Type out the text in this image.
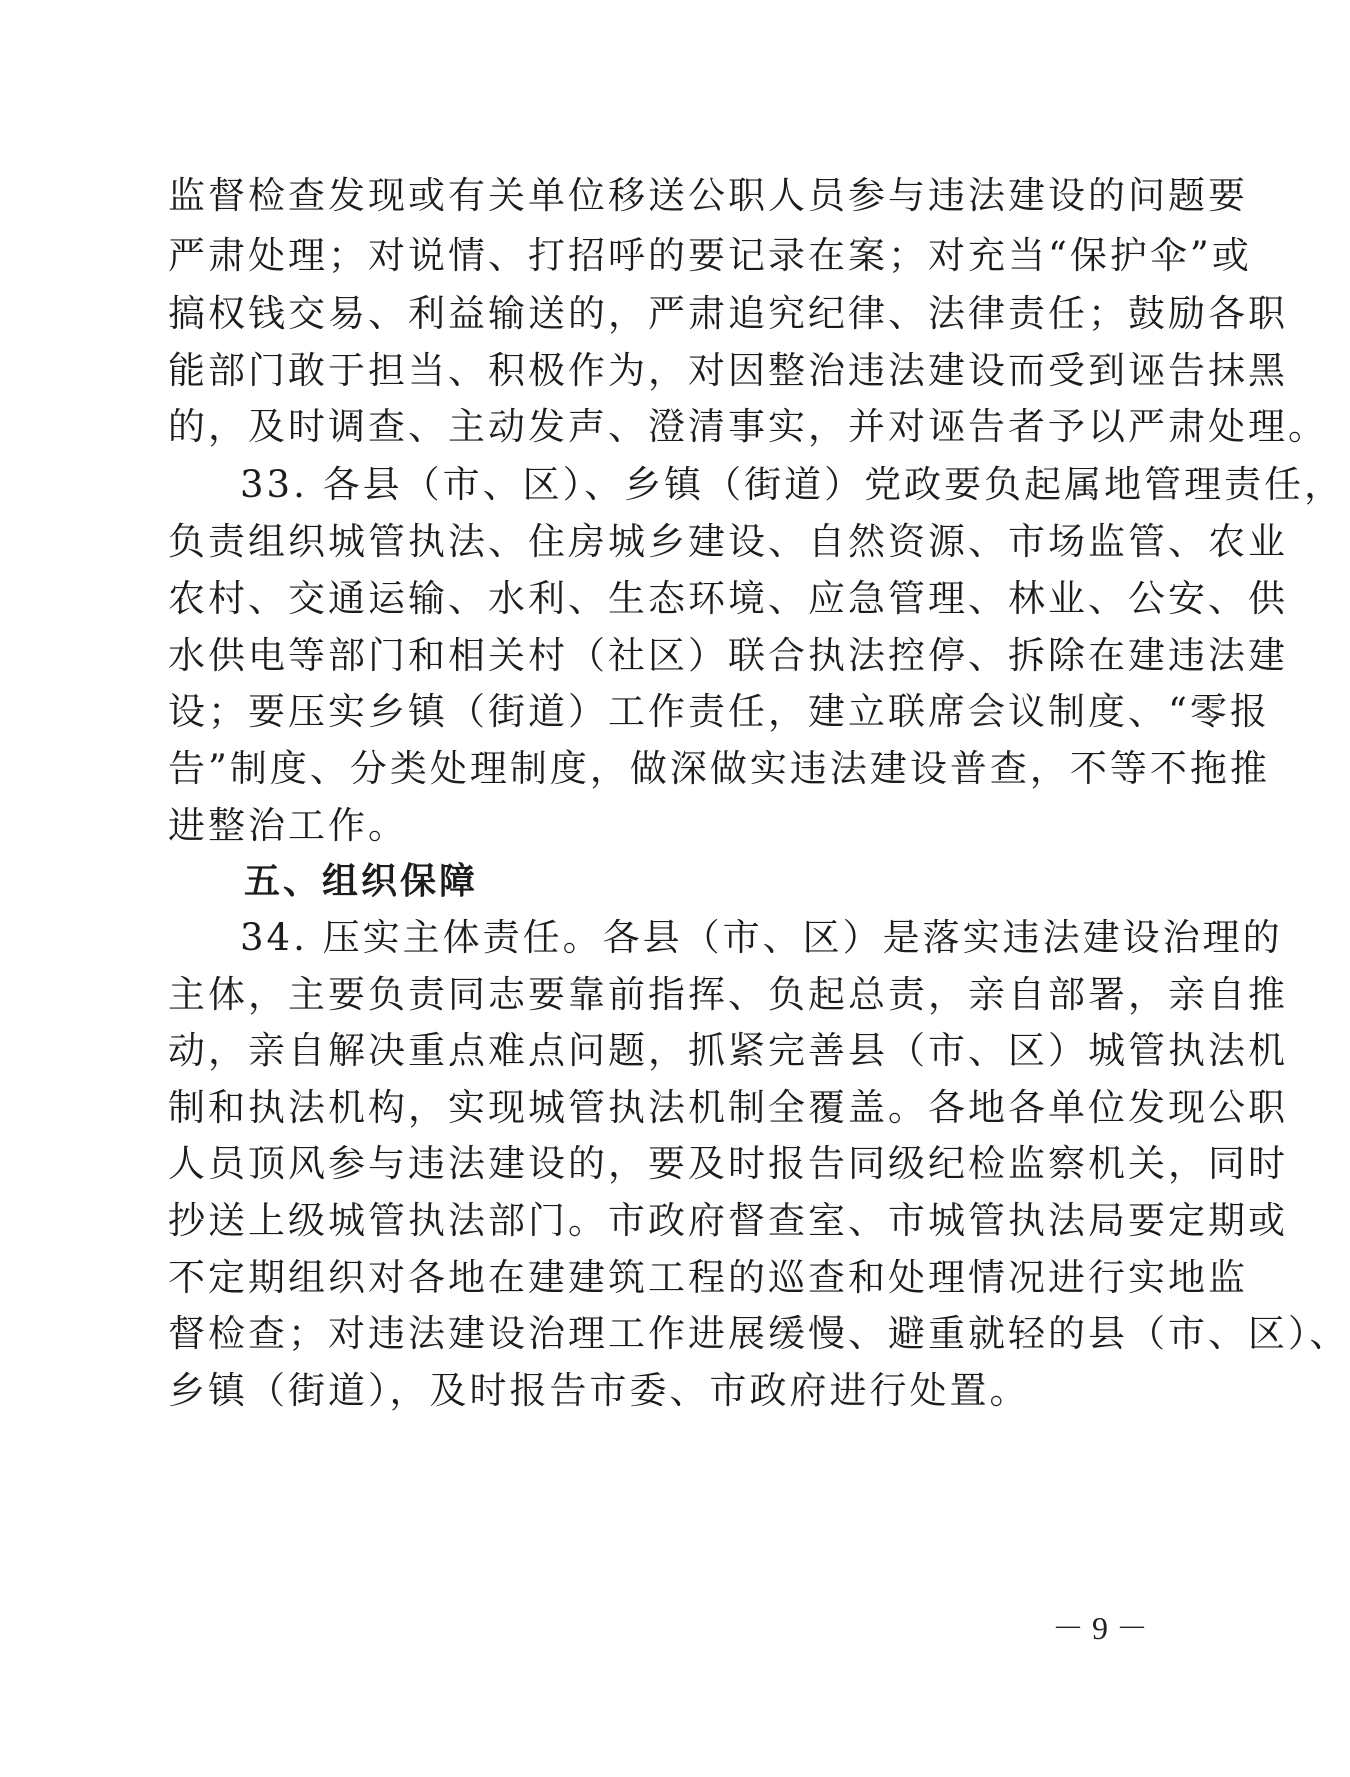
监督检查发现或有关单位移送公职人员参与违法建设的问题要
严肃处理；对说情、打招呼的要记录在案；对充当“保护伞”或
搞权钱交易、利益输送的，严肃追究纪律、法律责任；鼓励各职
能部门敢于担当、积极作为，对因整治违法建设而受到诬告抹黑
的，及时调查、主动发声、澄清事实，并对诬告者予以严肃处理。
33. 各县（市、区）、乡镇（街道）党政要负起属地管理责任，
负责组织城管执法、住房城乡建设、自然资源、市场监管、农业
农村、交通运输、水利、生态环境、应急管理、林业、公安、供
水供电等部门和相关村（社区）联合执法控停、拆除在建违法建
设；要压实乡镇（街道）工作责任，建立联席会议制度、“零报
告”制度、分类处理制度，做深做实违法建设普查，不等不拖推
进整治工作。
五、组织保障
34. 压实主体责任。各县（市、区）是落实违法建设治理的
主体，主要负责同志要靠前指挥、负起总责，亲自部署，亲自推
动，亲自解决重点难点问题，抓紧完善县（市、区）城管执法机
制和执法机构，实现城管执法机制全覆盖。各地各单位发现公职
人员顶风参与违法建设的，要及时报告同级纪检监察机关，同时
抄送上级城管执法部门。市政府督查室、市城管执法局要定期或
不定期组织对各地在建建筑工程的巡查和处理情况进行实地监
督检查；对违法建设治理工作进展缓慢、避重就轻的县（市、区）、
乡镇（街道），及时报告市委、市政府进行处置。
－ 9 －
